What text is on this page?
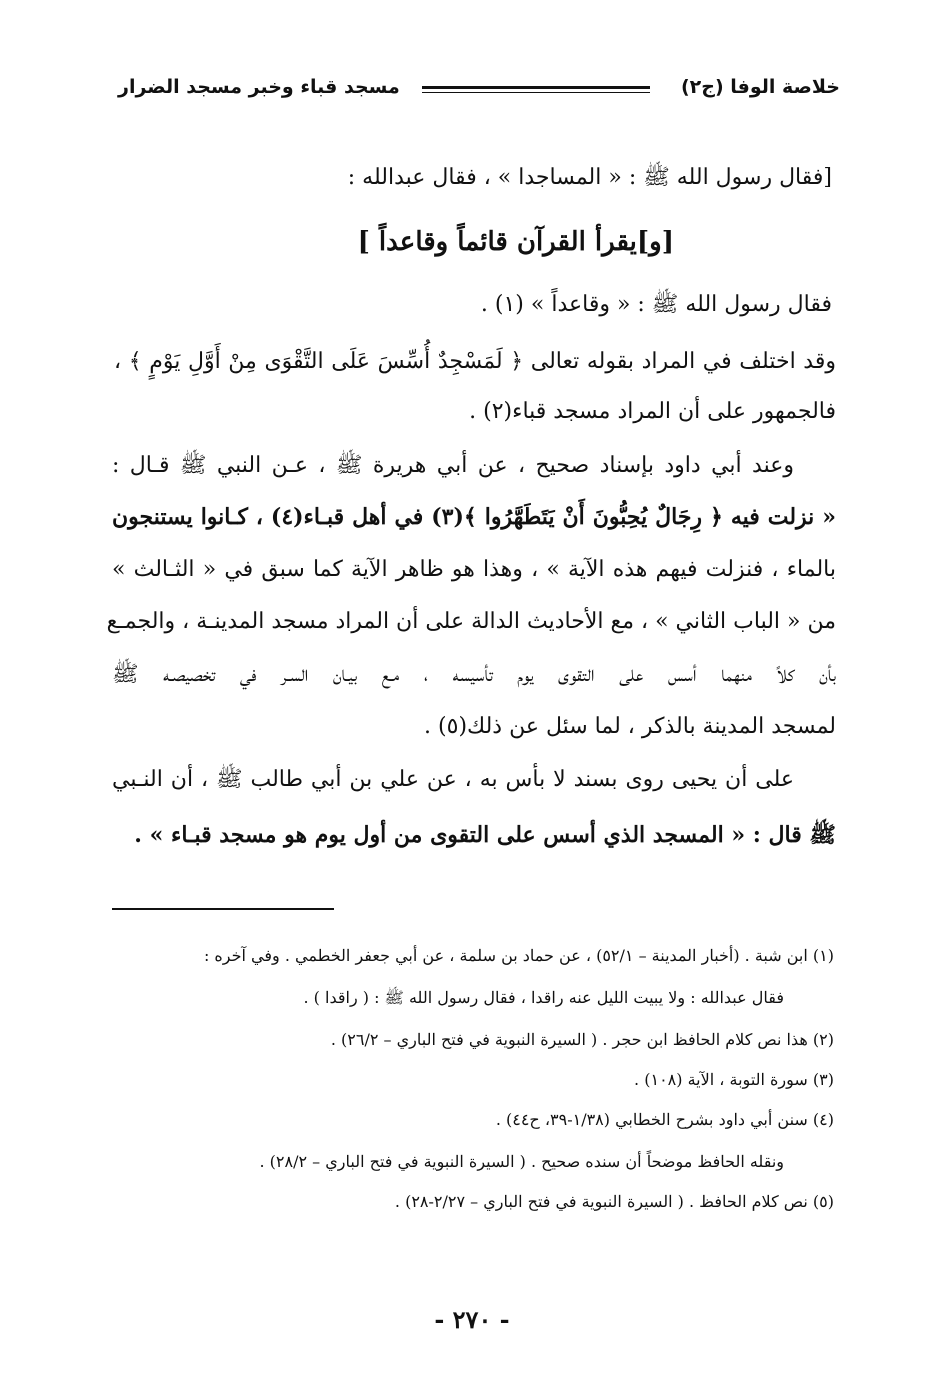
خلاصة الوفا (ج٢)
مسجد قباء وخبر مسجد الضرار
[فقال رسول الله ﷺ : « المساجدا » ، فقال عبدالله :
[و]يقرأ القرآن قائماً وقاعداً ]
فقال رسول الله ﷺ : « وقاعداً » (١) .
وقد اختلف في المراد بقوله تعالى ﴿ لَمَسْجِدٌ أُسِّسَ عَلَى التَّقْوَى مِنْ أَوَّلِ يَوْمٍ ﴾ ،
فالجمهور على أن المراد مسجد قباء(٢) .
وعند أبي داود بإسناد صحيح ، عن أبي هريرة ﷺ ، عـن النبي ﷺ قـال :
« نزلت فيه ﴿ رِجَالٌ يُحِبُّونَ أَنْ يَتَطَهَّرُوا ﴾(٣) في أهل قبـاء(٤) ، كـانوا يستنجون
بالماء ، فنزلت فيهم هذه الآية » ، وهذا هو ظاهر الآية كما سبق في « الثـالث »
من « الباب الثاني » ، مع الأحاديث الدالة على أن المراد مسجد المدينـة ، والجمـع
بأن كلاً منهما أسس على التقوى يوم تأسيسه ، مـع بيـان السـر في تخصيصـه ﷺ
لمسجد المدينة بالذكر ، لما سئل عن ذلك(٥) .
على أن يحيى روى بسند لا بأس به ، عن علي بن أبي طالب ﷺ ، أن النـبي
ﷺ قال : « المسجد الذي أسس على التقوى من أول يوم هو مسجد قبـاء » .
(١) ابن شبة . (أخبار المدينة – ٥٢/١) ، عن حماد بن سلمة ، عن أبي جعفر الخطمي . وفي آخره :
فقال عبدالله : ولا يبيت الليل عنه راقدا ، فقال رسول الله ﷺ : ( راقدا ) .
(٢) هذا نص كلام الحافظ ابن حجر . ( السيرة النبوية في فتح الباري – ٢٦/٢) .
(٣) سورة التوبة ، الآية (١٠٨) .
(٤) سنن أبي داود بشرح الخطابي (١/٣٨-٣٩، ح٤٤) .
ونقله الحافظ موضحاً أن سنده صحيح . ( السيرة النبوية في فتح الباري – ٢٨/٢) .
(٥) نص كلام الحافظ . ( السيرة النبوية في فتح الباري – ٢/٢٧-٢٨) .
- ٢٧٠ -
